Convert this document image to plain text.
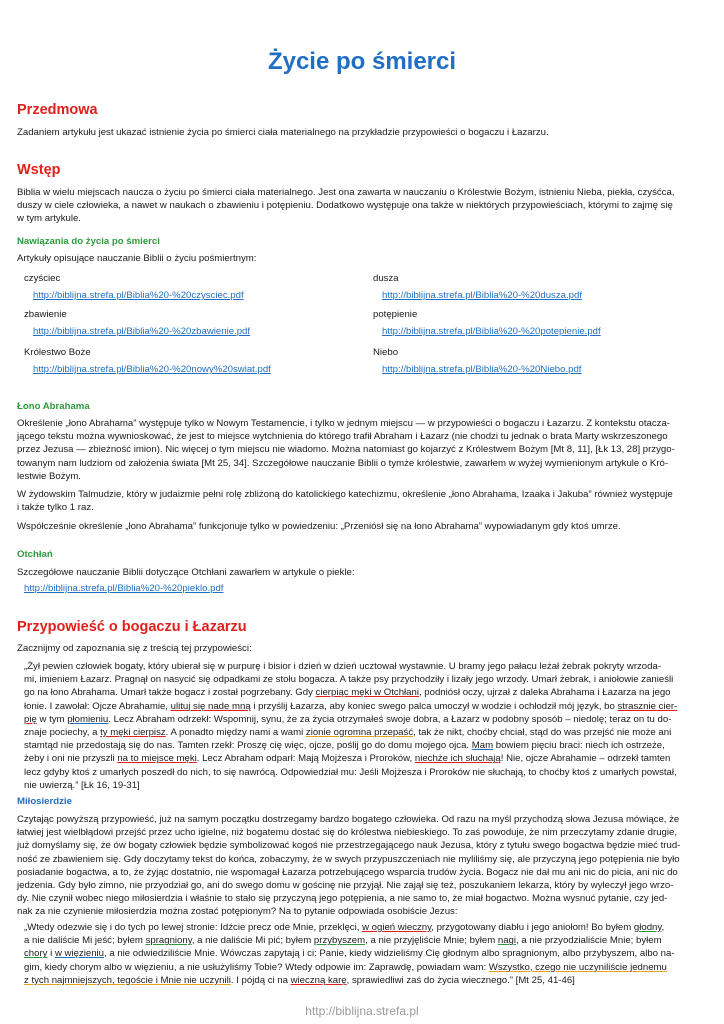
Życie po śmierci
Przedmowa
Zadaniem artykułu jest ukazać istnienie życia po śmierci ciała materialnego na przykładzie przypowieści o bogaczu i Łazarzu.
Wstęp
Biblia w wielu miejscach naucza o życiu po śmierci ciała materialnego. Jest ona zawarta w nauczaniu o Królestwie Bożym, istnieniu Nieba, piekła, czyśćca,
duszy w ciele człowieka, a nawet w naukach o zbawieniu i potępieniu. Dodatkowo występuje ona także w niektórych przypowieściach, którymi to zajmę się
w tym artykule.
Nawiązania do życia po śmierci
Artykuły opisujące nauczanie Biblii o życiu pośmiertnym:
czyściec
http://biblijna.strefa.pl/Biblia%20-%20czysciec.pdf
dusza
http://biblijna.strefa.pl/Biblia%20-%20dusza.pdf
zbawienie
http://biblijna.strefa.pl/Biblia%20-%20zbawienie.pdf
potępienie
http://biblijna.strefa.pl/Biblia%20-%20potepienie.pdf
Królestwo Boże
http://biblijna.strefa.pl/Biblia%20-%20nowy%20swiat.pdf
Niebo
http://biblijna.strefa.pl/Biblia%20-%20Niebo.pdf
Łono Abrahama
Określenie „łono Abrahama” występuje tylko w Nowym Testamencie, i tylko w jednym miejscu — w przypowieści o bogaczu i Łazarzu. Z kontekstu otacza-
jącego tekstu można wywnioskować, że jest to miejsce wytchnienia do którego trafił Abraham i Łazarz (nie chodzi tu jednak o brata Marty wskrzeszonego
przez Jezusa — zbieżność imion). Nic więcej o tym miejscu nie wiadomo. Można natomiast go kojarzyć z Królestwem Bożym [Mt 8, 11], [Łk 13, 28] przygo-
towanym nam ludziom od założenia świata [Mt 25, 34]. Szczegółowe nauczanie Biblii o tymże królestwie, zawarłem w wyżej wymienionym artykule o Kró-
lestwie Bożym.
W żydowskim Talmudzie, który w judaizmie pełni rolę zbliżoną do katolickiego katechizmu, określenie „łono Abrahama, Izaaka i Jakuba” również występuje
i także tylko 1 raz.
Współcześnie określenie „łono Abrahama” funkcjonuje tylko w powiedzeniu: „Przeniósł się na łono Abrahama” wypowiadanym gdy ktoś umrze.
Otchłań
Szczegółowe nauczanie Biblii dotyczące Otchłani zawarłem w artykule o piekle:
http://biblijna.strefa.pl/Biblia%20-%20pieklo.pdf
Przypowieść o bogaczu i Łazarzu
Zacznijmy od zapoznania się z treścią tej przypowieści:
„Żył pewien człowiek bogaty, który ubierał się w purpurę i bisior i dzień w dzień ucztował wystawnie. U bramy jego pałacu leżał żebrak pokryty wrzoda-
mi, imieniem Łazarz. Pragnął on nasycić się odpadkami ze stołu bogacza. A także psy przychodziły i lizały jego wrzody. Umarł żebrak, i aniołowie zanieśli
go na łono Abrahama. Umarł także bogacz i został pogrzebany. Gdy cierpiąc męki w Otchłani, podniósł oczy, ujrzał z daleka Abrahama i Łazarza na jego
łonie. I zawołał: Ojcze Abrahamie, ulituj się nade mną i przyślij Łazarza, aby koniec swego palca umoczył w wodzie i ochłodził mój język, bo strasznie cier-
pię w tym płomieniu. Lecz Abraham odrzekł: Wspomnij, synu, że za życia otrzymałeś swoje dobra, a Łazarz w podobny sposób – niedolę; teraz on tu do-
znaje pociechy, a ty męki cierpisz. A ponadto między nami a wami zionie ogromna przepaść, tak że nikt, choćby chciał, stąd do was przejść nie może ani
stamtąd nie przedostają się do nas. Tamten rzekł: Proszę cię więc, ojcze, poślij go do domu mojego ojca. Mam bowiem pięciu braci: niech ich ostrzeże,
żeby i oni nie przyszli na to miejsce męki. Lecz Abraham odparł: Mają Mojżesza i Proroków, niechże ich słuchają! Nie, ojcze Abrahamie – odrzekł tamten
lecz gdyby ktoś z umarłych poszedł do nich, to się nawrócą. Odpowiedział mu: Jeśli Mojżesza i Proroków nie słuchają, to choćby ktoś z umarłych powstał,
nie uwierzą.” [Łk 16, 19-31]
Miłosierdzie
Czytając powyższą przypowieść, już na samym początku dostrzegamy bardzo bogatego człowieka. Od razu na myśl przychodzą słowa Jezusa mówiące, że
łatwiej jest wielbłądowi przejść przez ucho igielne, niż bogatemu dostać się do królestwa niebieskiego. To zaś powoduje, że nim przeczytamy zdanie drugie,
już domyślamy się, że ów bogaty człowiek będzie symbolizować kogoś nie przestrzegającego nauk Jezusa, który z tytułu swego bogactwa będzie mieć trud-
ność ze zbawieniem się. Gdy doczytamy tekst do końca, zobaczymy, że w swych przypuszczeniach nie myliliśmy się, ale przyczyną jego potępienia nie było
posiadanie bogactwa, a to, że żyjąc dostatnio, nie wspomagał Łazarza potrzebującego wsparcia trudów życia. Bogacz nie dał mu ani nic do picia, ani nic do
jedzenia. Gdy było zimno, nie przyodział go, ani do swego domu w gościnę nie przyjął. Nie zajął się też, poszukaniem lekarza, który by wyleczył jego wrzo-
dy. Nie czynił wobec niego miłosierdzia i właśnie to stało się przyczyną jego potępienia, a nie samo to, że miał bogactwo. Można wysnuć pytanie, czy jed-
nak za nie czynienie miłosierdzia można zostać potępionym? Na to pytanie odpowiada osobiście Jezus:
„Wtedy odezwie się i do tych po lewej stronie: Idźcie precz ode Mnie, przeklęci, w ogień wieczny, przygotowany diabłu i jego aniołom! Bo byłem głodny,
a nie daliście Mi jeść; byłem spragniony, a nie daliście Mi pić; byłem przybyszem, a nie przyjęliście Mnie; byłem nagi, a nie przyodzialiście Mnie; byłem
chory i w więzieniu, a nie odwiedziliście Mnie. Wówczas zapytają i ci: Panie, kiedy widzieliśmy Cię głodnym albo spragnionym, albo przybyszem, albo na-
gim, kiedy chorym albo w więzieniu, a nie usłużyliśmy Tobie? Wtedy odpowie im: Zaprawdę, powiadam wam: Wszystko, czego nie uczyniliście jednemu
z tych najmniejszych, tegoście i Mnie nie uczynili. I pójdą ci na wieczną karę, sprawiedliwi zaś do życia wiecznego.” [Mt 25, 41-46]
http://biblijna.strefa.pl
